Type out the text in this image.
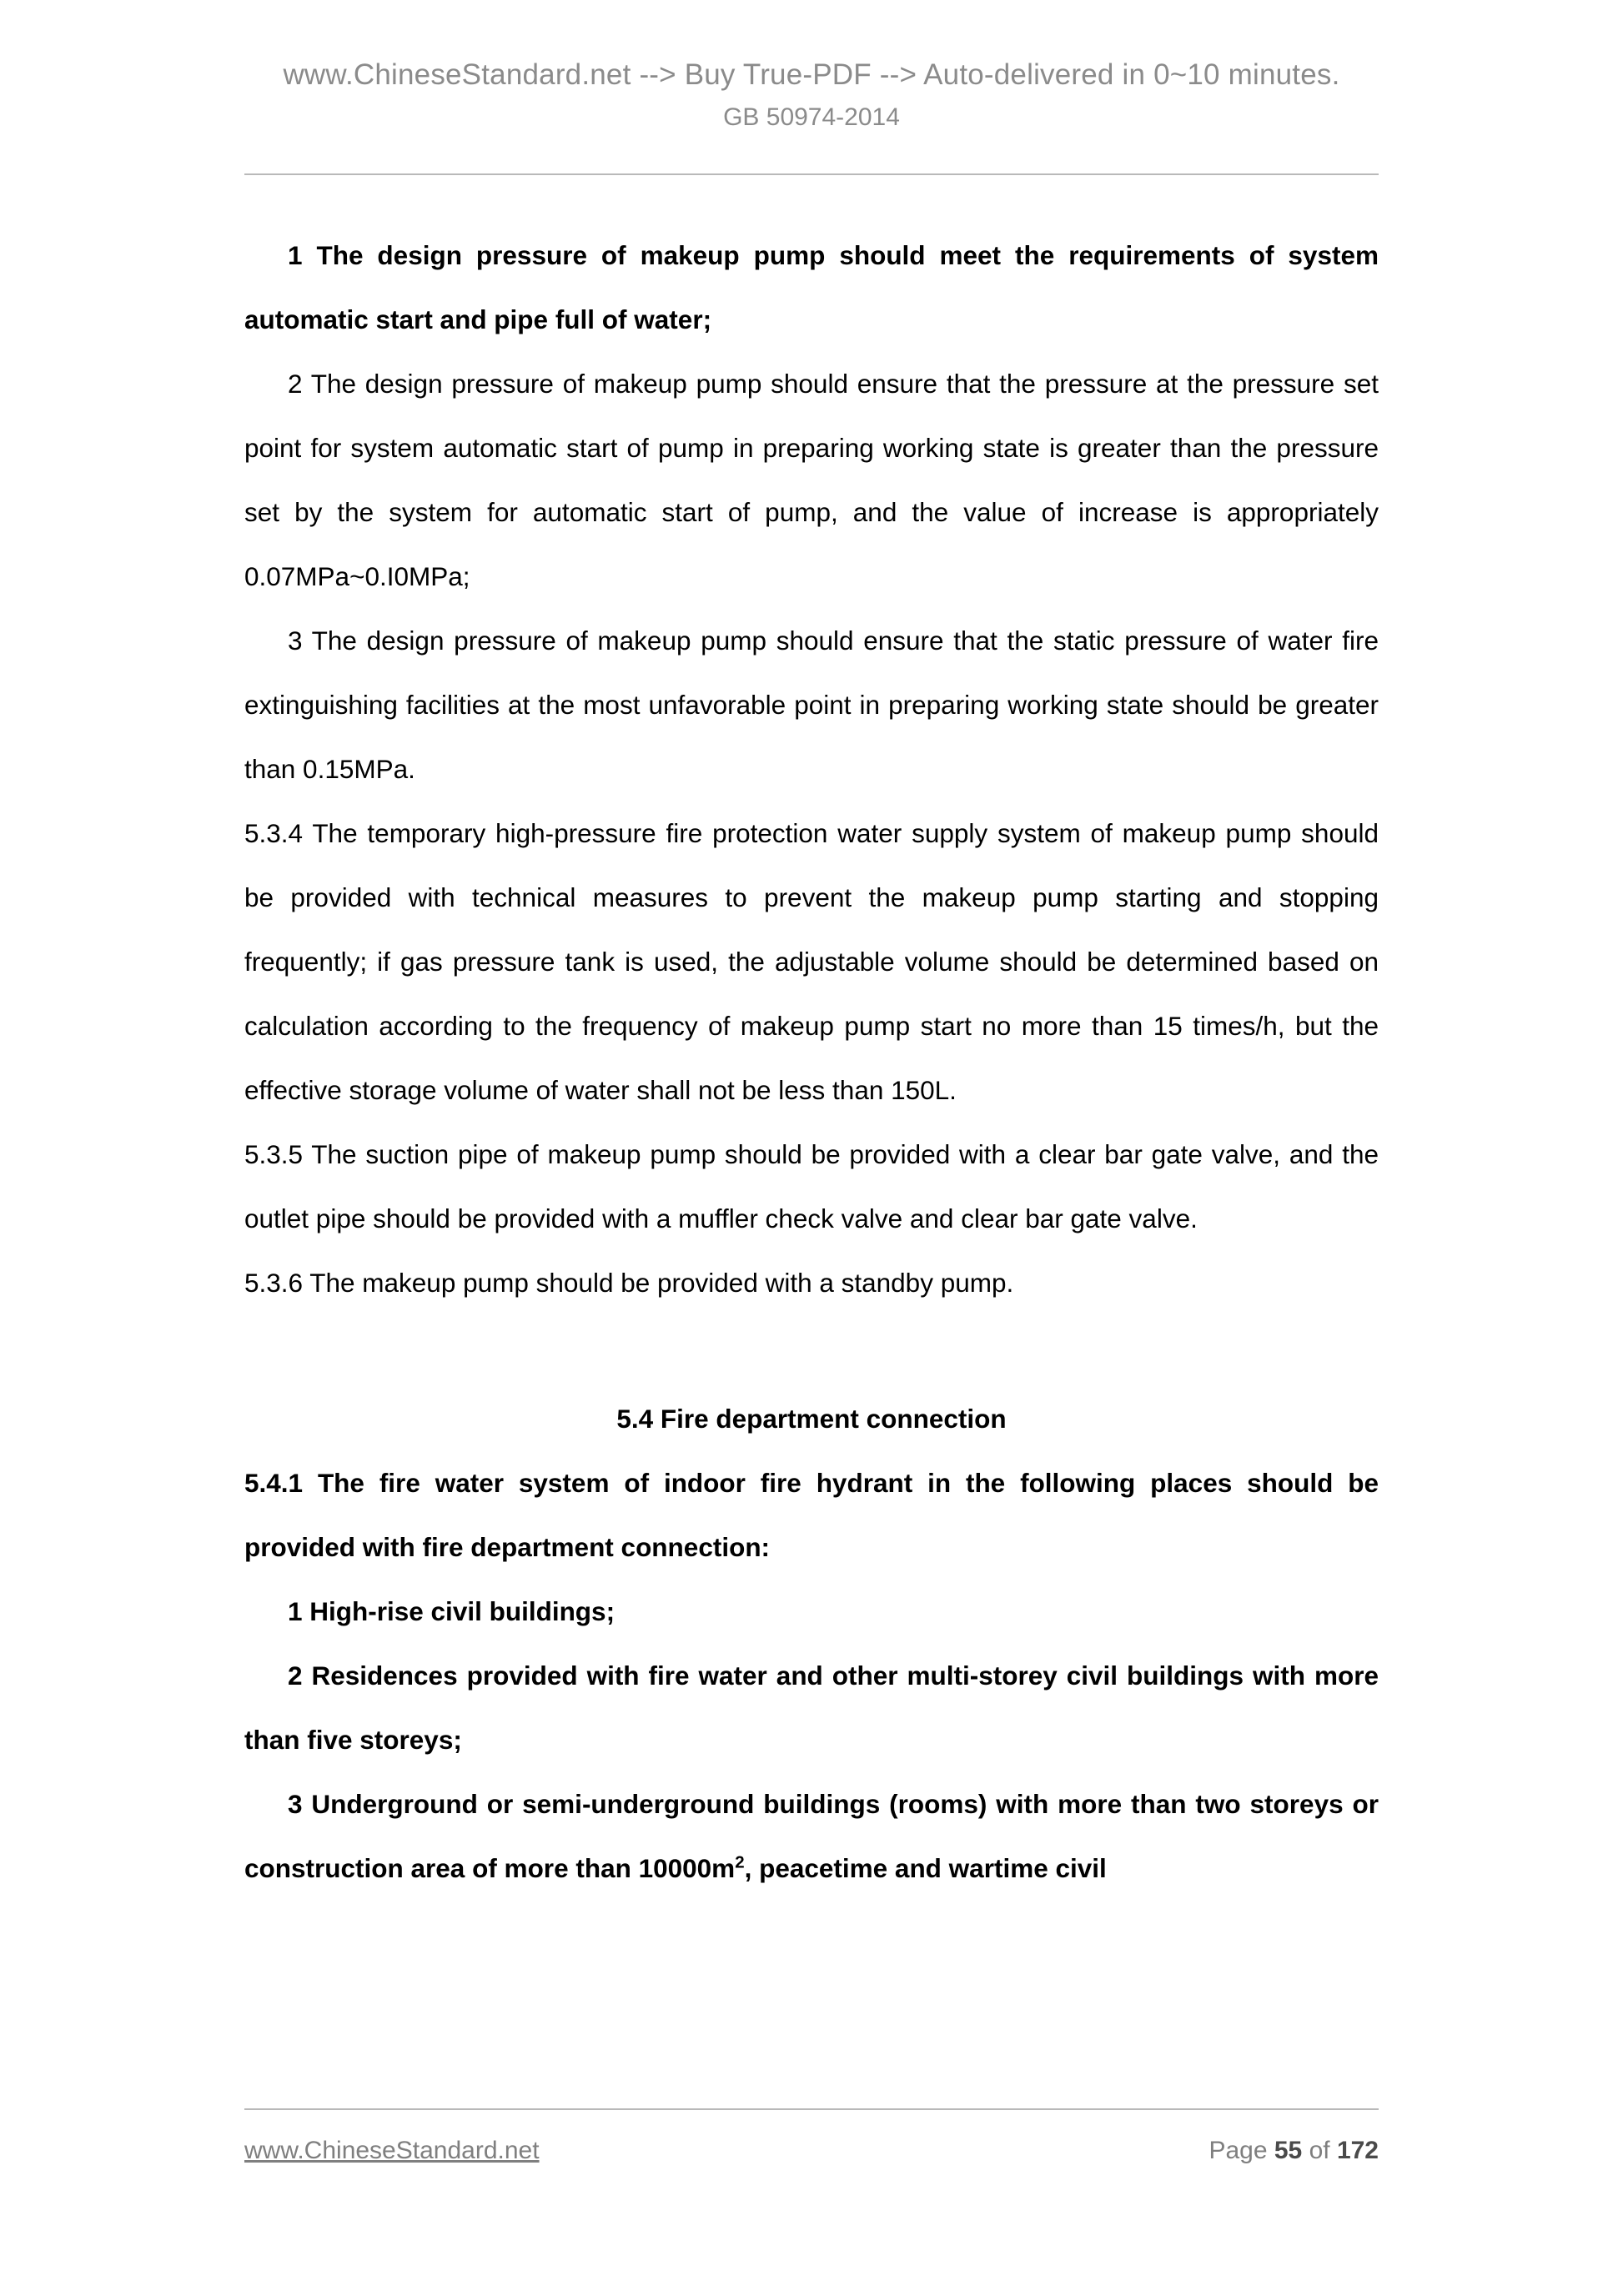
www.ChineseStandard.net --> Buy True-PDF --> Auto-delivered in 0~10 minutes.
GB 50974-2014

1 The design pressure of makeup pump should meet the requirements of system automatic start and pipe full of water;

2 The design pressure of makeup pump should ensure that the pressure at the pressure set point for system automatic start of pump in preparing working state is greater than the pressure set by the system for automatic start of pump, and the value of increase is appropriately 0.07MPa~0.I0MPa;

3 The design pressure of makeup pump should ensure that the static pressure of water fire extinguishing facilities at the most unfavorable point in preparing working state should be greater than 0.15MPa.

5.3.4 The temporary high-pressure fire protection water supply system of makeup pump should be provided with technical measures to prevent the makeup pump starting and stopping frequently; if gas pressure tank is used, the adjustable volume should be determined based on calculation according to the frequency of makeup pump start no more than 15 times/h, but the effective storage volume of water shall not be less than 150L.

5.3.5 The suction pipe of makeup pump should be provided with a clear bar gate valve, and the outlet pipe should be provided with a muffler check valve and clear bar gate valve.

5.3.6 The makeup pump should be provided with a standby pump.

5.4 Fire department connection

5.4.1 The fire water system of indoor fire hydrant in the following places should be provided with fire department connection:

1 High-rise civil buildings;

2 Residences provided with fire water and other multi-storey civil buildings with more than five storeys;

3 Underground or semi-underground buildings (rooms) with more than two storeys or construction area of more than $10000m^2$, peacetime and wartime civil

www.ChineseStandard.net	Page 55 of 172
